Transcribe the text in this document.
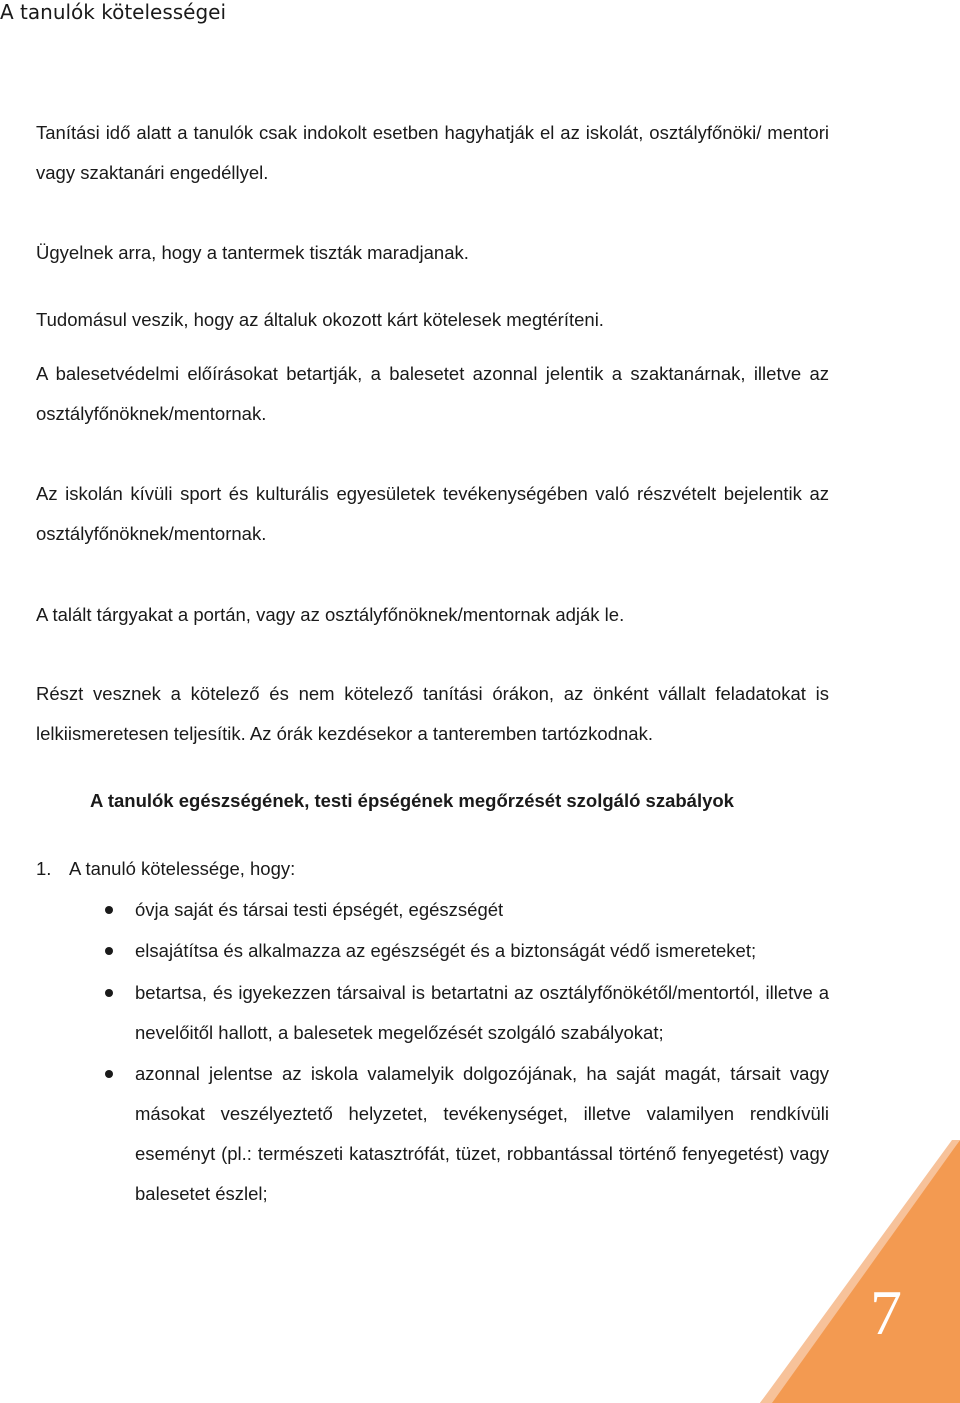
A tanulók kötelességei

Tanítási idő alatt a tanulók csak indokolt esetben hagyhatják el az iskolát, osztályfőnöki/ mentori vagy szaktanári engedéllyel.

Ügyelnek arra, hogy a tantermek tiszták maradjanak.

Tudomásul veszik, hogy az általuk okozott kárt kötelesek megtéríteni.

A balesetvédelmi előírásokat betartják, a balesetet azonnal jelentik a szaktanárnak, illetve az osztályfőnöknek/mentornak.

Az iskolán kívüli sport és kulturális egyesületek tevékenységében való részvételt bejelentik az osztályfőnöknek/mentornak.

A talált tárgyakat a portán, vagy az osztályfőnöknek/mentornak adják le.

Részt vesznek a kötelező és nem kötelező tanítási órákon, az önként vállalt feladatokat is lelkiismeretesen teljesítik. Az órák kezdésekor a tanteremben tartózkodnak.

A tanulók egészségének, testi épségének megőrzését szolgáló szabályok

1. A tanuló kötelessége, hogy:

óvja saját és társai testi épségét, egészségét
elsajátítsa és alkalmazza az egészségét és a biztonságát védő ismereteket;
betartsa, és igyekezzen társaival is betartatni az osztályfőnökétől/mentortól, illetve a nevelőitől hallott, a balesetek megelőzését szolgáló szabályokat;
azonnal jelentse az iskola valamelyik dolgozójának, ha saját magát, társait vagy másokat veszélyeztető helyzetet, tevékenységet, illetve valamilyen rendkívüli eseményt (pl.: természeti katasztrófát, tüzet, robbantással történő fenyegetést) vagy balesetet észlel;
7
